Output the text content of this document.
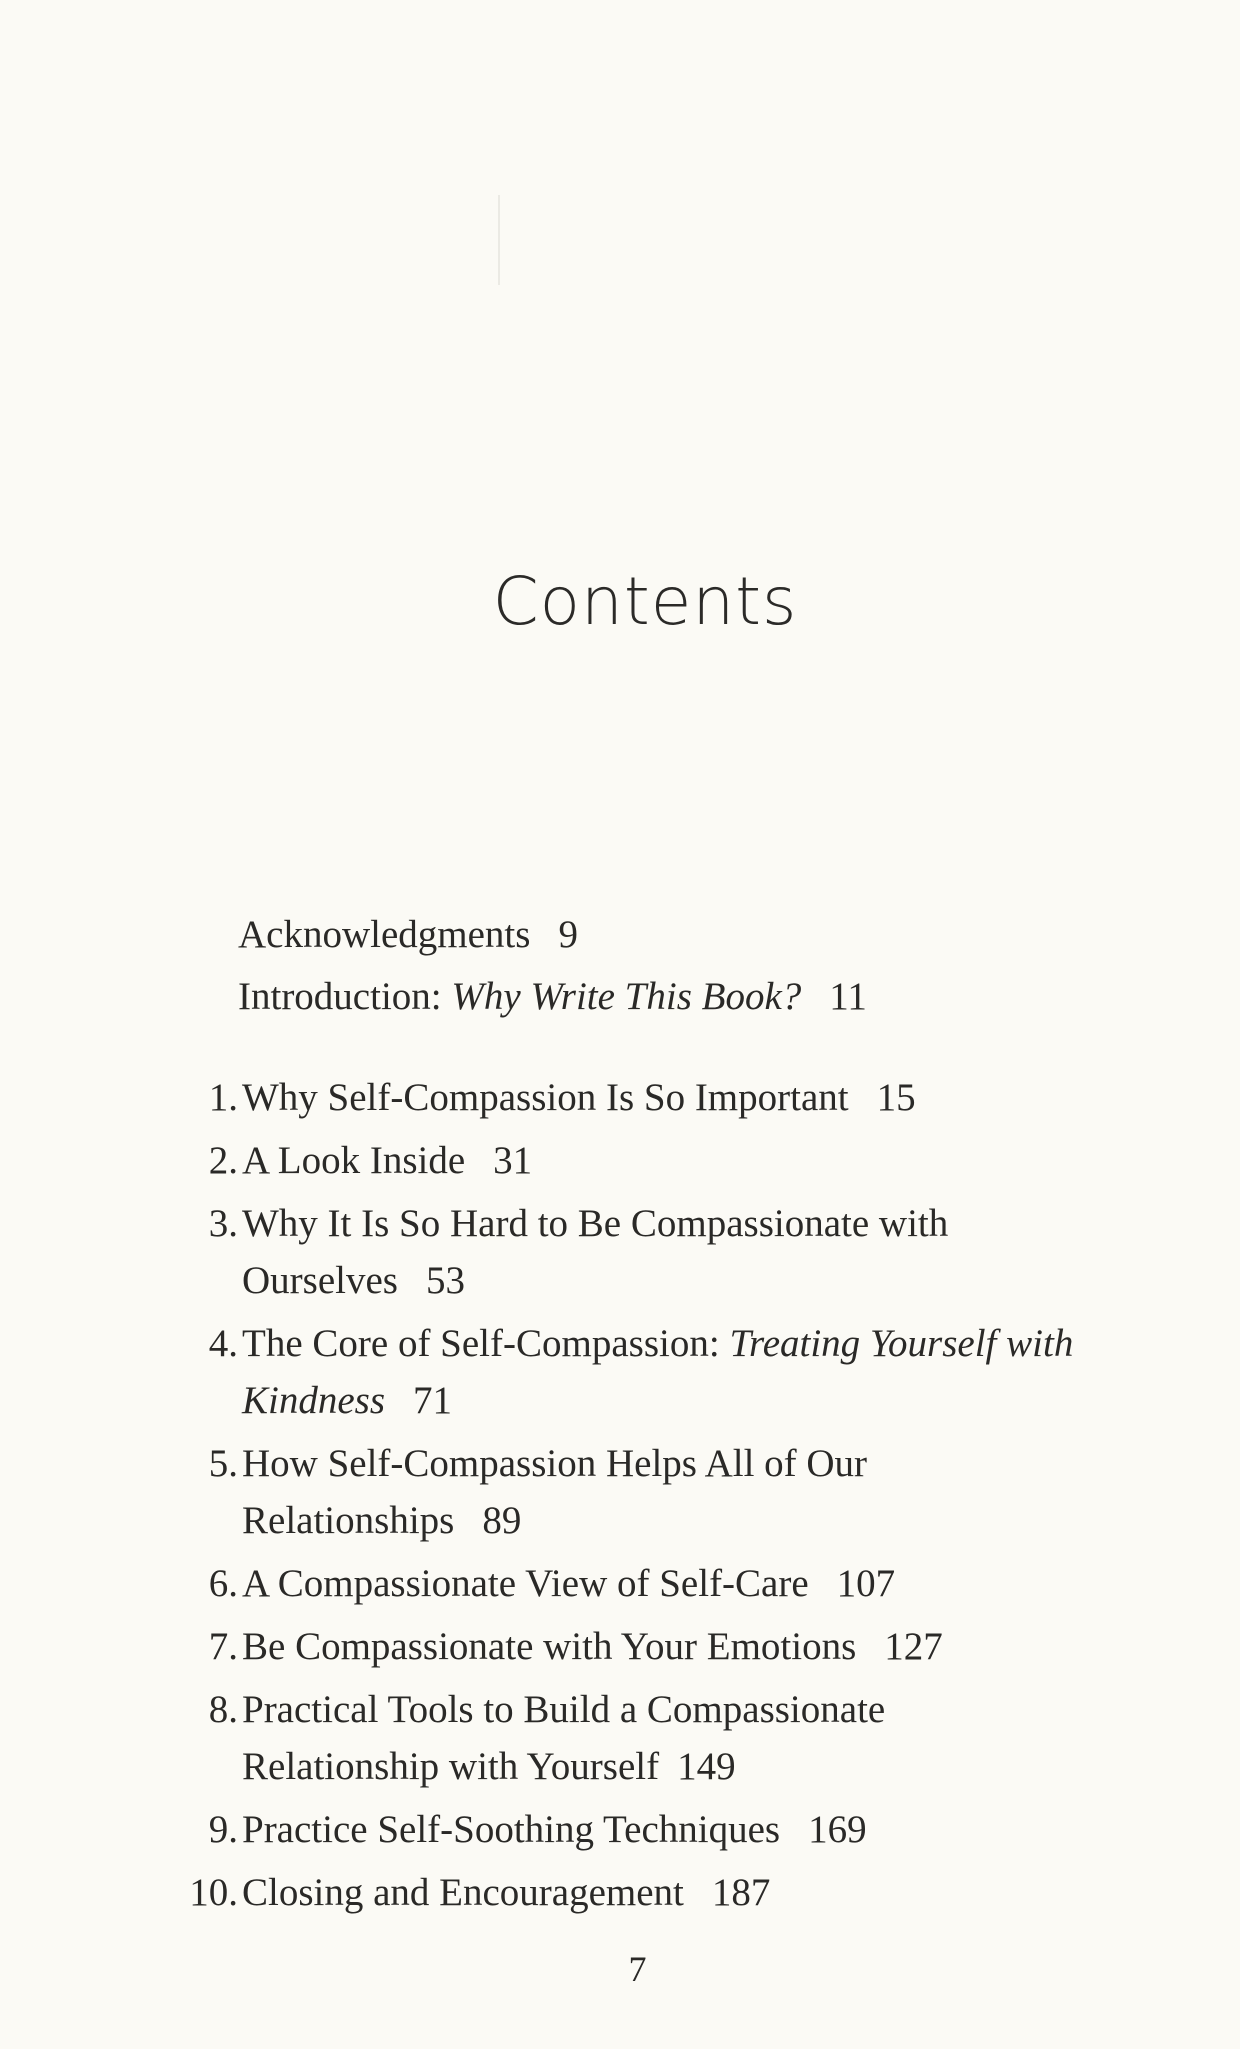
Contents
Acknowledgments 9
Introduction: Why Write This Book? 11
1. Why Self-Compassion Is So Important 15
2. A Look Inside 31
3. Why It Is So Hard to Be Compassionate with
Ourselves 53
4. The Core of Self-Compassion: Treating Yourself with
Kindness 71
5. How Self-Compassion Helps All of Our
Relationships 89
6. A Compassionate View of Self-Care 107
7. Be Compassionate with Your Emotions 127
8. Practical Tools to Build a Compassionate
Relationship with Yourself 149
9. Practice Self-Soothing Techniques 169
10. Closing and Encouragement 187
7
